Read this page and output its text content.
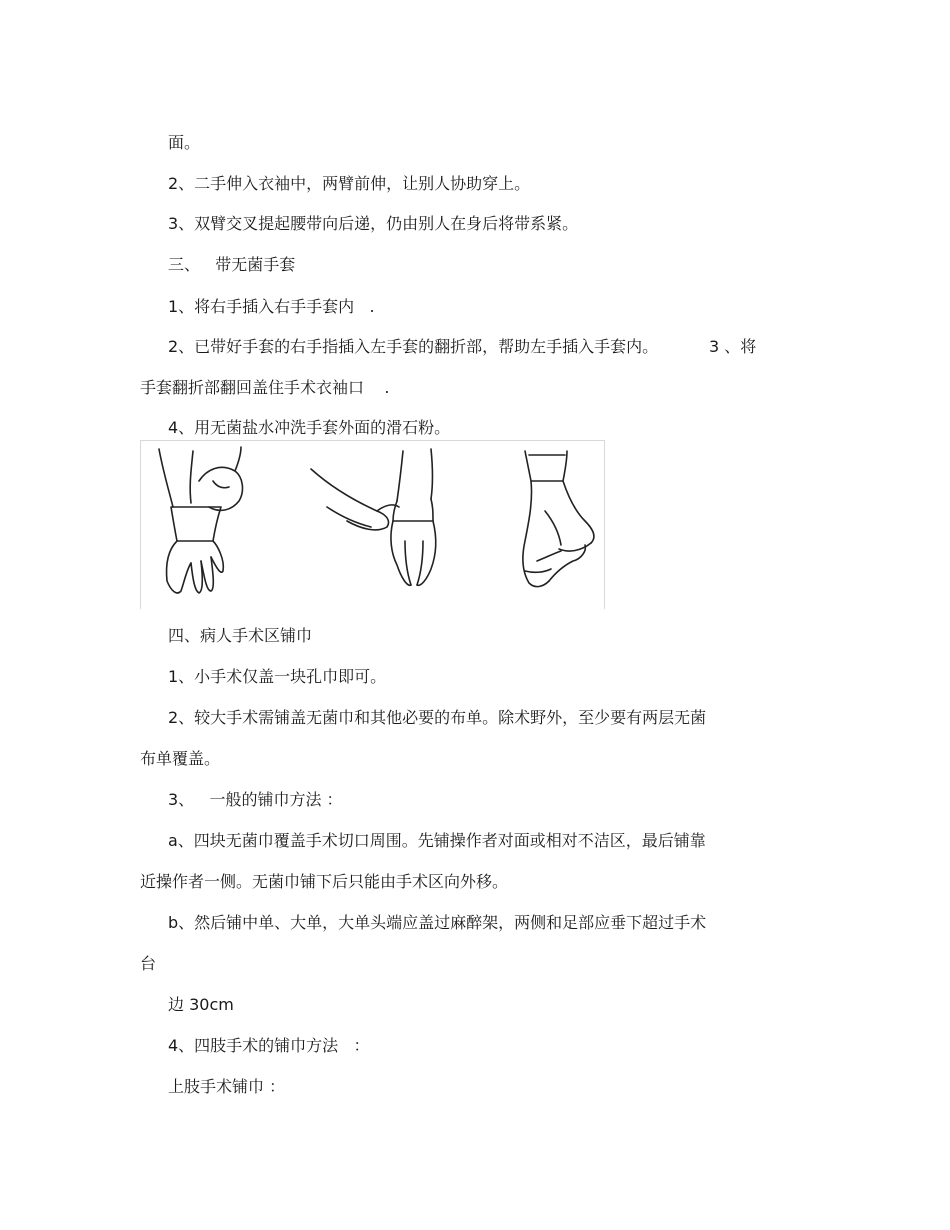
面。
2、二手伸入衣袖中，两臂前伸，让别人协助穿上。
3、双臂交叉提起腰带向后递，仍由别人在身后将带系紧。
三、   带无菌手套
1、将右手插入右手手套内   .
2、已带好手套的右手指插入左手套的翻折部，帮助左手插入手套内。          3 、将
手套翻折部翻回盖住手术衣袖口    .
4、用无菌盐水冲洗手套外面的滑石粉。
四、病人手术区铺巾
1、小手术仅盖一块孔巾即可。
2、较大手术需铺盖无菌巾和其他必要的布单。除术野外，至少要有两层无菌
布单覆盖。
3、   一般的铺巾方法 ：
a、四块无菌巾覆盖手术切口周围。先铺操作者对面或相对不洁区，最后铺靠
近操作者一侧。无菌巾铺下后只能由手术区向外移。
b、然后铺中单、大单，大单头端应盖过麻醉架，两侧和足部应垂下超过手术
台
边 30cm
4、四肢手术的铺巾方法   ：
上肢手术铺巾 ：
